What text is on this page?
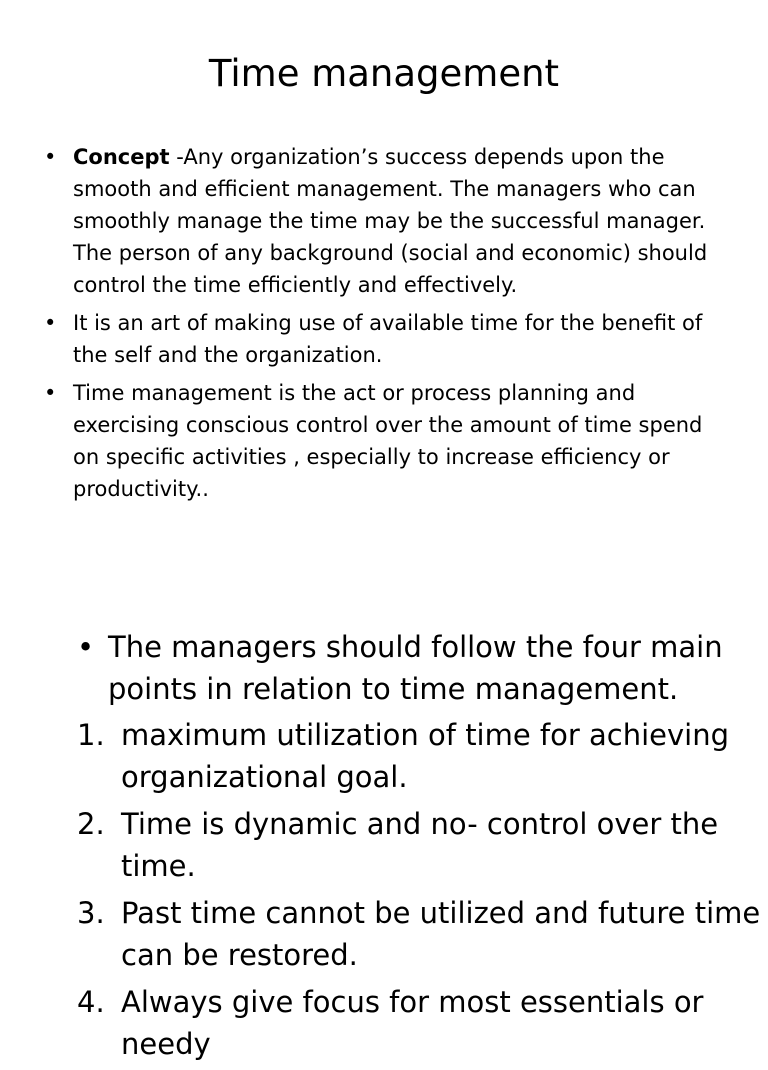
Time management
• Concept -Any organization’s success depends upon the smooth and efficient management. The managers who can smoothly manage the time may be the successful manager. The person of any background (social and economic) should control the time efficiently and effectively.
• It is an art of making use of available time for the benefit of the self and the organization.
• Time management is the act or process planning and exercising conscious control over the amount of time spend on specific activities , especially to increase efficiency or productivity..
• The managers should follow the four main points in relation to time management.
1. maximum utilization of time for achieving organizational goal.
2. Time is dynamic and no- control over the time.
3. Past time cannot be utilized and future time can be restored.
4. Always give focus for most essentials or needy
